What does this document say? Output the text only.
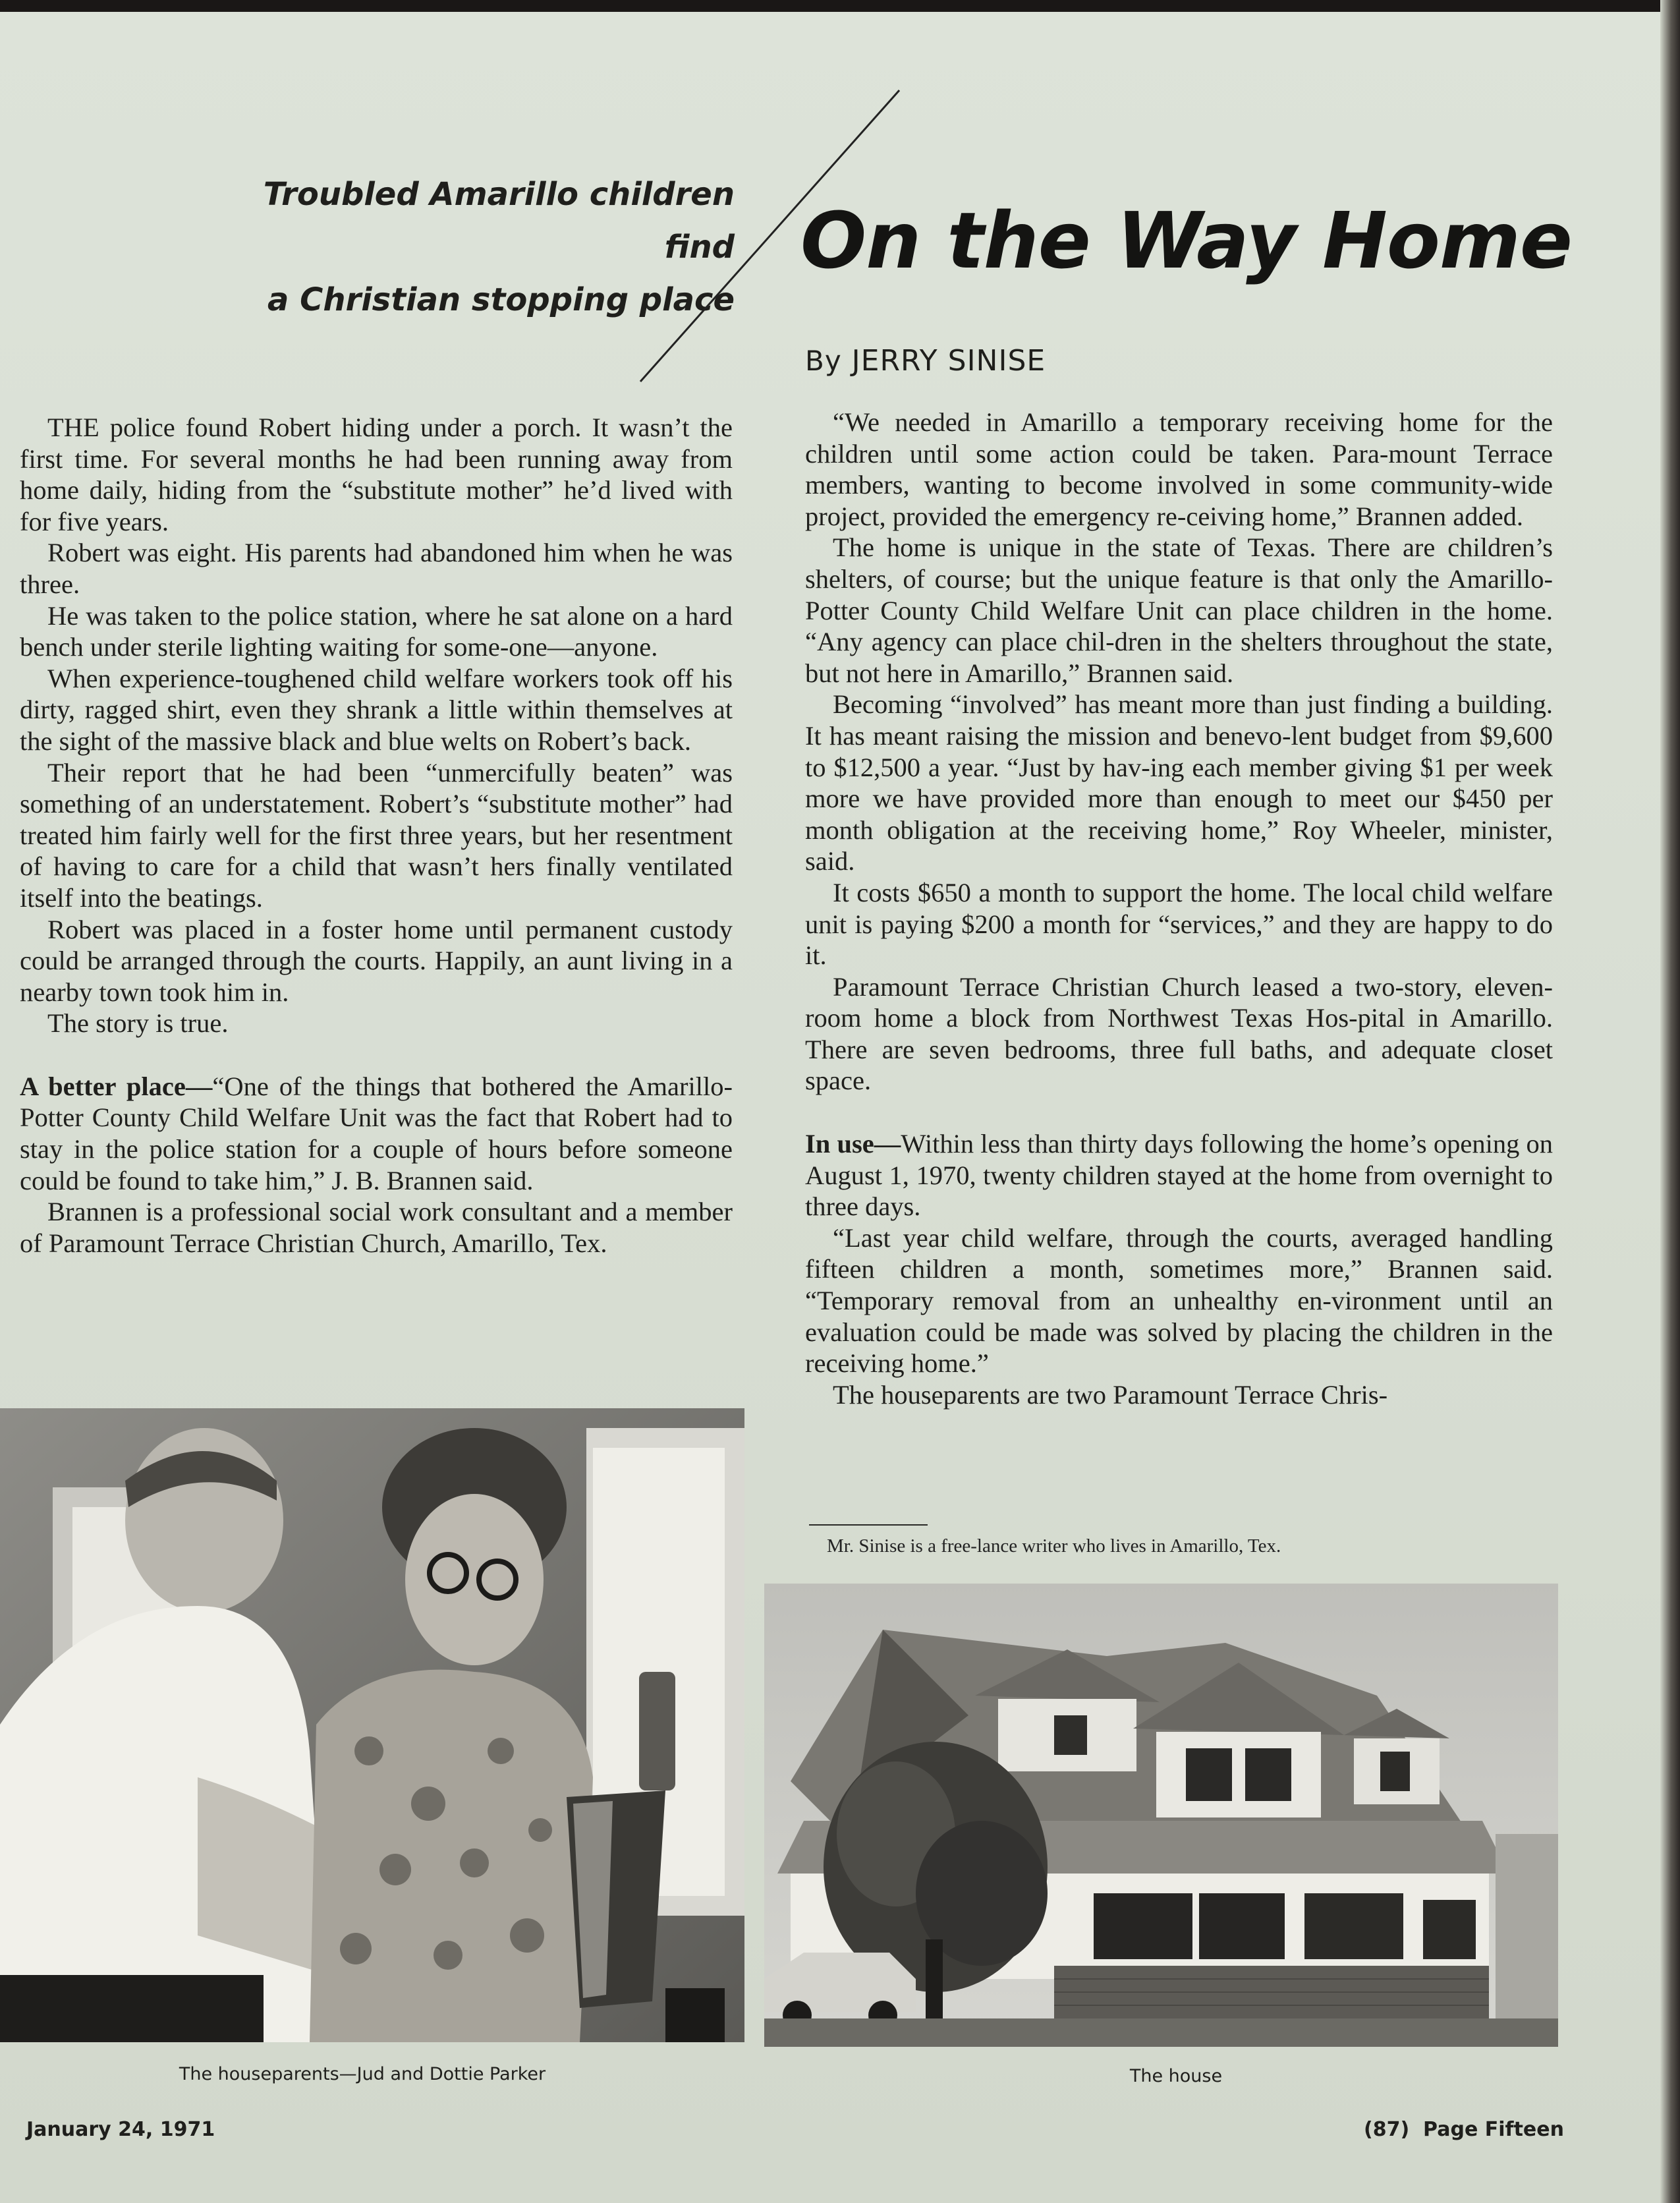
Troubled Amarillo children find
a Christian stopping place
On the Way Home
By JERRY SINISE

THE police found Robert hiding under a porch. It wasn’t the first time. For several months he had been running away from home daily, hiding from the “substitute mother” he’d lived with for five years.

Robert was eight. His parents had abandoned him when he was three.

He was taken to the police station, where he sat alone on a hard bench under sterile lighting waiting for some-one—anyone.

When experience-toughened child welfare workers took off his dirty, ragged shirt, even they shrank a little within themselves at the sight of the massive black and blue welts on Robert’s back.

Their report that he had been “unmercifully beaten” was something of an understatement. Robert’s “substitute mother” had treated him fairly well for the first three years, but her resentment of having to care for a child that wasn’t hers finally ventilated itself into the beatings.

Robert was placed in a foster home until permanent custody could be arranged through the courts. Happily, an aunt living in a nearby town took him in.

The story is true.

A better place—“One of the things that bothered the Amarillo-Potter County Child Welfare Unit was the fact that Robert had to stay in the police station for a couple of hours before someone could be found to take him,” J. B. Brannen said.

Brannen is a professional social work consultant and a member of Paramount Terrace Christian Church, Amarillo, Tex.

“We needed in Amarillo a temporary receiving home for the children until some action could be taken. Para-mount Terrace members, wanting to become involved in some community-wide project, provided the emergency re-ceiving home,” Brannen added.

The home is unique in the state of Texas. There are children’s shelters, of course; but the unique feature is that only the Amarillo-Potter County Child Welfare Unit can place children in the home. “Any agency can place chil-dren in the shelters throughout the state, but not here in Amarillo,” Brannen said.

Becoming “involved” has meant more than just finding a building. It has meant raising the mission and benevo-lent budget from $9,600 to $12,500 a year. “Just by hav-ing each member giving $1 per week more we have provided more than enough to meet our $450 per month obligation at the receiving home,” Roy Wheeler, minister, said.

It costs $650 a month to support the home. The local child welfare unit is paying $200 a month for “services,” and they are happy to do it.

Paramount Terrace Christian Church leased a two-story, eleven-room home a block from Northwest Texas Hos-pital in Amarillo. There are seven bedrooms, three full baths, and adequate closet space.

In use—Within less than thirty days following the home’s opening on August 1, 1970, twenty children stayed at the home from overnight to three days.

“Last year child welfare, through the courts, averaged handling fifteen children a month, sometimes more,” Brannen said. “Temporary removal from an unhealthy en-vironment until an evaluation could be made was solved by placing the children in the receiving home.”

The houseparents are two Paramount Terrace Chris-

Mr. Sinise is a free-lance writer who lives in Amarillo, Tex.
The houseparents—Jud and Dottie Parker	The house
January 24, 1971	(87)  Page Fifteen
